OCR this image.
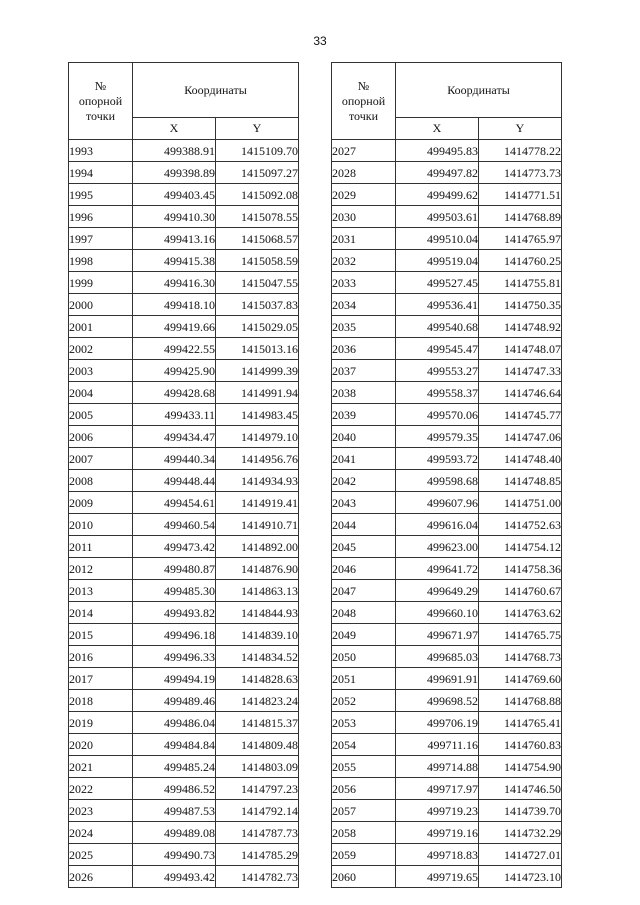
33
№
опорной
точки	Координаты	
	X	Y
1993	499388.91	1415109.70
1994	499398.89	1415097.27
1995	499403.45	1415092.08
1996	499410.30	1415078.55
1997	499413.16	1415068.57
1998	499415.38	1415058.59
1999	499416.30	1415047.55
2000	499418.10	1415037.83
2001	499419.66	1415029.05
2002	499422.55	1415013.16
2003	499425.90	1414999.39
2004	499428.68	1414991.94
2005	499433.11	1414983.45
2006	499434.47	1414979.10
2007	499440.34	1414956.76
2008	499448.44	1414934.93
2009	499454.61	1414919.41
2010	499460.54	1414910.71
2011	499473.42	1414892.00
2012	499480.87	1414876.90
2013	499485.30	1414863.13
2014	499493.82	1414844.93
2015	499496.18	1414839.10
2016	499496.33	1414834.52
2017	499494.19	1414828.63
2018	499489.46	1414823.24
2019	499486.04	1414815.37
2020	499484.84	1414809.48
2021	499485.24	1414803.09
2022	499486.52	1414797.23
2023	499487.53	1414792.14
2024	499489.08	1414787.73
2025	499490.73	1414785.29
2026	499493.42	1414782.73
№
опорной
точки	Координаты	
	X	Y
2027	499495.83	1414778.22
2028	499497.82	1414773.73
2029	499499.62	1414771.51
2030	499503.61	1414768.89
2031	499510.04	1414765.97
2032	499519.04	1414760.25
2033	499527.45	1414755.81
2034	499536.41	1414750.35
2035	499540.68	1414748.92
2036	499545.47	1414748.07
2037	499553.27	1414747.33
2038	499558.37	1414746.64
2039	499570.06	1414745.77
2040	499579.35	1414747.06
2041	499593.72	1414748.40
2042	499598.68	1414748.85
2043	499607.96	1414751.00
2044	499616.04	1414752.63
2045	499623.00	1414754.12
2046	499641.72	1414758.36
2047	499649.29	1414760.67
2048	499660.10	1414763.62
2049	499671.97	1414765.75
2050	499685.03	1414768.73
2051	499691.91	1414769.60
2052	499698.52	1414768.88
2053	499706.19	1414765.41
2054	499711.16	1414760.83
2055	499714.88	1414754.90
2056	499717.97	1414746.50
2057	499719.23	1414739.70
2058	499719.16	1414732.29
2059	499718.83	1414727.01
2060	499719.65	1414723.10
